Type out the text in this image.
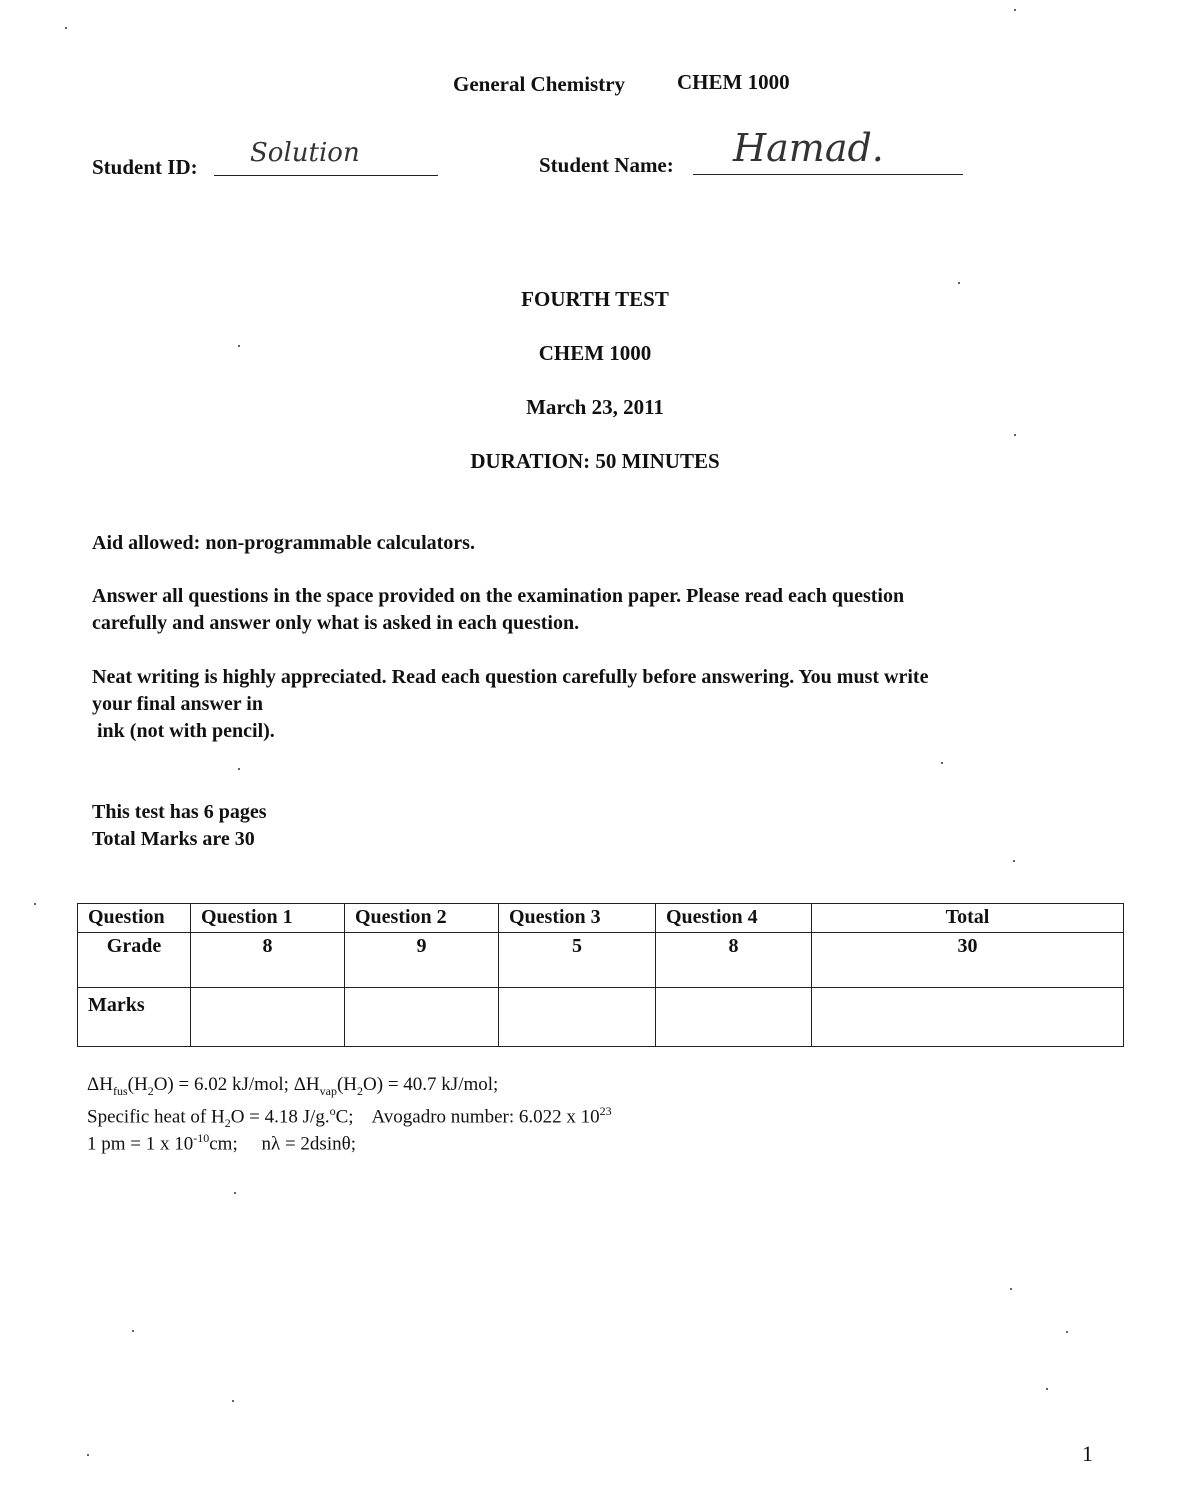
General Chemistry CHEM 1000
Student ID: Solution	Student Name: Hamad.
FOURTH TEST
CHEM 1000
March 23, 2011
DURATION: 50 MINUTES
Aid allowed: non-programmable calculators.
Answer all questions in the space provided on the examination paper. Please read each question
carefully and answer only what is asked in each question.
Neat writing is highly appreciated. Read each question carefully before answering. You must write
your final answer in
ink (not with pencil).
This test has 6 pages
Total Marks are 30
Question	Question 1	Question 2	Question 3	Question 4	Total
Grade	8	9	5	8	30
Marks					
$\Delta H_{fus}(H_2O) = 6.02$ kJ/mol; $\Delta H_{vap}(H_2O) = 40.7$ kJ/mol;
Specific heat of $H_2O = 4.18$ J/g.$^o$C;    Avogadro number: 6.022 x $10^{23}$
1 pm = 1 x $10^{-10}cm$;     nλ = 2dsinθ;
1
